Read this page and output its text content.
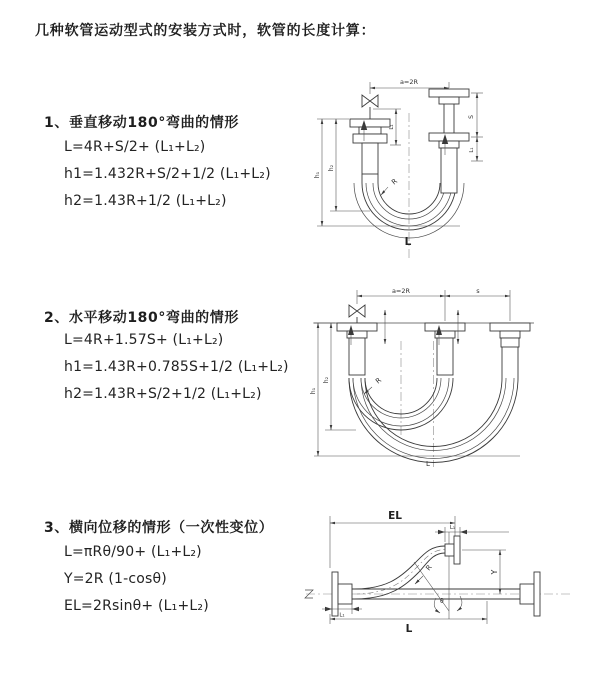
几种软管运动型式的安装方式时，软管的长度计算：
1、垂直移动180°弯曲的情形
L=4R+S/2+ (L₁+L₂)
h1=1.432R+S/2+1/2 (L₁+L₂)
h2=1.43R+1/2 (L₁+L₂)
a=2R
L₁
S
L₁
h₁
h₂
L
R
2、水平移动180°弯曲的情形
L=4R+1.57S+ (L₁+L₂)
h1=1.43R+0.785S+1/2 (L₁+L₂)
h2=1.43R+S/2+1/2 (L₁+L₂)
a=2R	s
h₁
h₂
L
R
3、横向位移的情形（一次性变位）
L=πRθ/90+ (L₁+L₂)
Y=2R (1-cosθ)
EL=2Rsinθ+ (L₁+L₂)	θ
EL
L₁
Y
R
L
L₁
